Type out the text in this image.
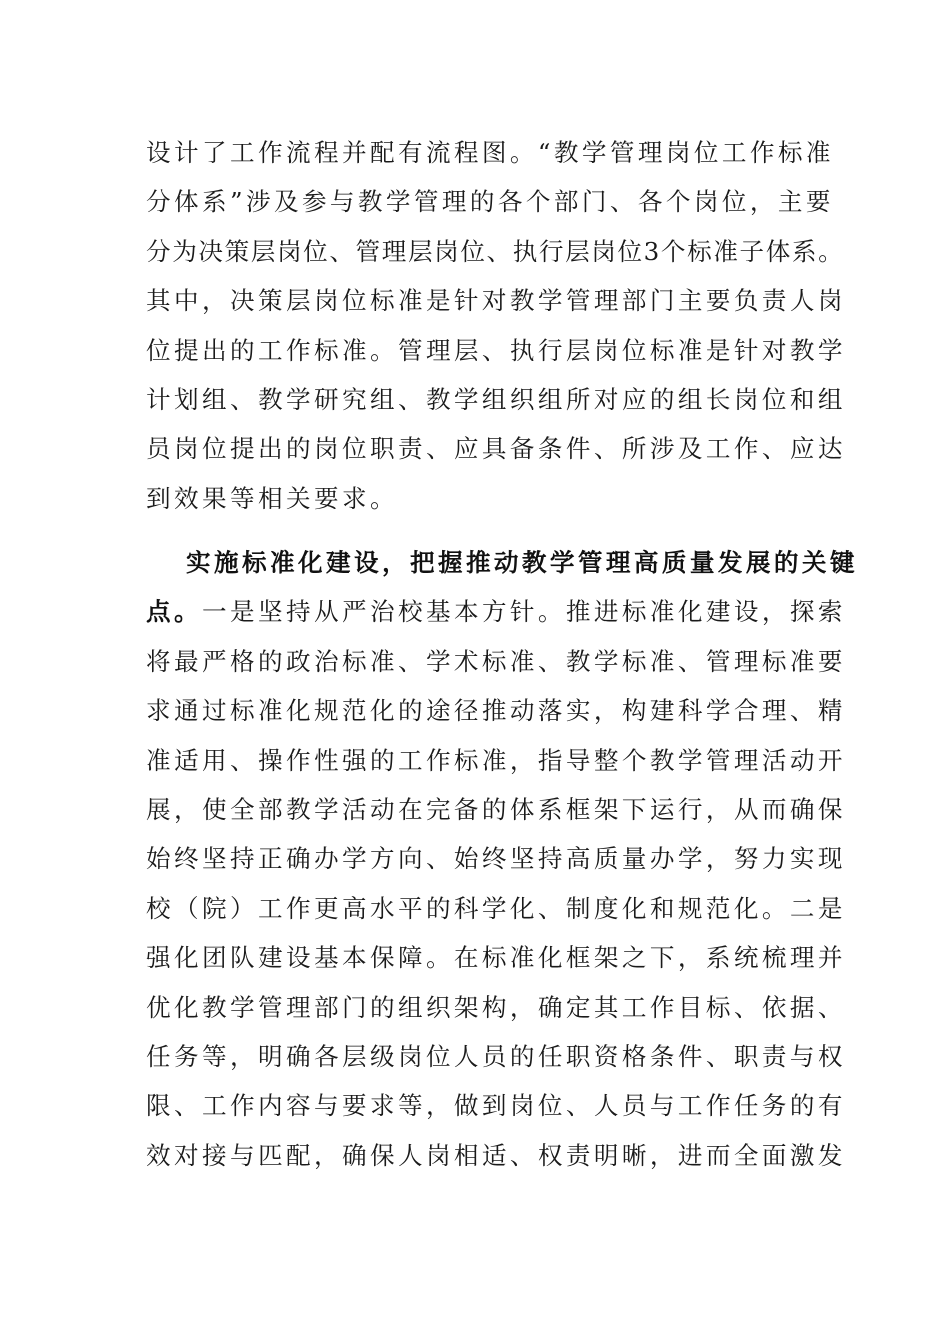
设计了工作流程并配有流程图。“教学管理岗位工作标准
分体系”涉及参与教学管理的各个部门、各个岗位，主要
分为决策层岗位、管理层岗位、执行层岗位3个标准子体系。
其中，决策层岗位标准是针对教学管理部门主要负责人岗
位提出的工作标准。管理层、执行层岗位标准是针对教学
计划组、教学研究组、教学组织组所对应的组长岗位和组
员岗位提出的岗位职责、应具备条件、所涉及工作、应达
到效果等相关要求。
实施标准化建设，把握推动教学管理高质量发展的关键
点。一是坚持从严治校基本方针。推进标准化建设，探索
将最严格的政治标准、学术标准、教学标准、管理标准要
求通过标准化规范化的途径推动落实，构建科学合理、精
准适用、操作性强的工作标准，指导整个教学管理活动开
展，使全部教学活动在完备的体系框架下运行，从而确保
始终坚持正确办学方向、始终坚持高质量办学，努力实现
校（院）工作更高水平的科学化、制度化和规范化。二是
强化团队建设基本保障。在标准化框架之下，系统梳理并
优化教学管理部门的组织架构，确定其工作目标、依据、
任务等，明确各层级岗位人员的任职资格条件、职责与权
限、工作内容与要求等，做到岗位、人员与工作任务的有
效对接与匹配，确保人岗相适、权责明晰，进而全面激发
